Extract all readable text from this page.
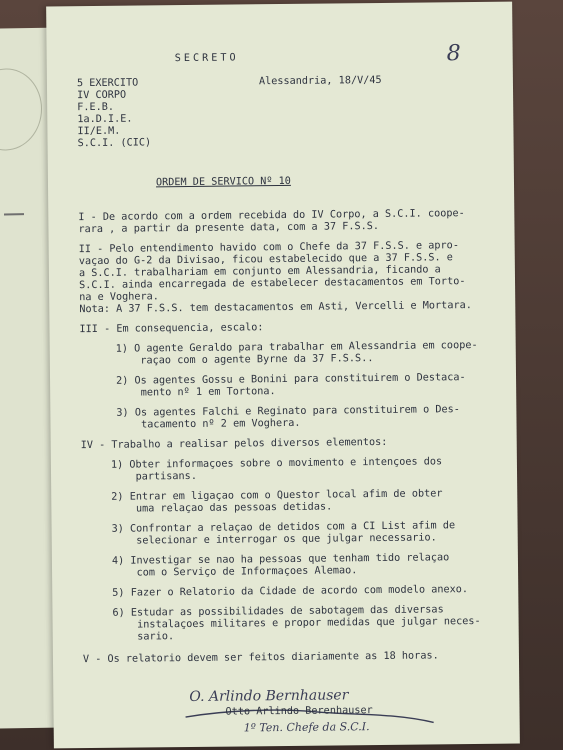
SECRETO	8
Alessandria, 18/V/45
5 EXERCITO
IV CORPO
F.E.B.
1a.D.I.E.
II/E.M.
S.C.I. (CIC)
ORDEM DE SERVICO Nº 10
I - De acordo com a ordem recebida do IV Corpo, a S.C.I. coope-
rara , a partir da presente data, com a 37 F.S.S.
II - Pelo entendimento havido com o Chefe da 37 F.S.S. e apro-
vaçao do G-2 da Divisao, ficou estabelecido que a 37 F.S.S. e
a S.C.I. trabalhariam em conjunto em Alessandria, ficando a
S.C.I. ainda encarregada de estabelecer destacamentos em Torto-
na e Voghera.
Nota: A 37 F.S.S. tem destacamentos em Asti, Vercelli e Mortara.
III - Em consequencia, escalo:
1) O agente Geraldo para trabalhar em Alessandria em coope-
raçao com o agente Byrne da 37 F.S.S..
2) Os agentes Gossu e Bonini para constituirem o Destaca-
mento nº 1 em Tortona.
3) Os agentes Falchi e Reginato para constituirem o Des-
tacamento nº 2 em Voghera.
IV - Trabalho a realisar pelos diversos elementos:
1) Obter informaçoes sobre o movimento e intençoes dos
partisans.
2) Entrar em ligaçao com o Questor local afim de obter
uma relaçao das pessoas detidas.
3) Confrontar a relaçao de detidos com a CI List afim de
selecionar e interrogar os que julgar necessario.
4) Investigar se nao ha pessoas que tenham tido relaçao
com o Serviço de Informaçoes Alemao.
5) Fazer o Relatorio da Cidade de acordo com modelo anexo.
6) Estudar as possibilidades de sabotagem das diversas
instalaçoes militares e propor medidas que julgar neces-
sario.
V - Os relatorio devem ser feitos diariamente as 18 horas.
O. Arlindo Bernhauser
Otto Arlindo Berenhauser
1º Ten. Chefe da S.C.I.
